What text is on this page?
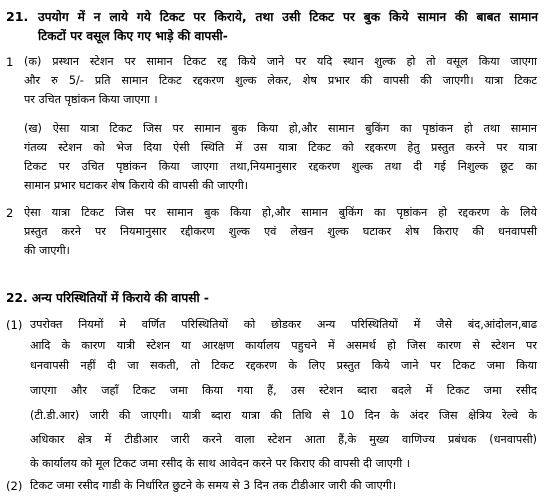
21. उपयोग में न लाये गये टिकट पर किराये, तथा उसी टिकट पर बुक किये सामान की बाबत सामान
टिकटों पर वसूल किए गए भाड़े की वापसी-
1 (क) प्रस्थान स्टेशन पर सामान टिकट रद्द किये जाने पर यदि स्थान शुल्क हो तो वसूल किया जाएगा
और रु 5/- प्रति सामान टिकट रद्दकरण शुल्क लेकर, शेष प्रभार की वापसी की जाएगी। यात्रा टिकट
पर उचित पृष्ठांकन किया जाएगा ।
(ख) ऐसा यात्रा टिकट जिस पर सामान बुक किया हो,और सामान बुकिंग का पृष्ठांकन हो तथा सामान
गंतव्य स्टेशन को भेज दिया ऐसी स्थिति में उस यात्रा टिकट को रद्दकरण हेतु प्रस्तुत करने पर यात्रा
टिकट पर उचित पृष्ठांकन किया जाएगा तथा,नियमानुसार रद्दकरण शुल्क तथा दी गई निशुल्क छूट का
सामान प्रभार घटाकर शेष किराये की वापसी की जाएगी।
2 ऐसा यात्रा टिकट जिस पर सामान बुक किया हो,और सामान बुकिंग का पृष्ठांकन हो रद्दकरण के लिये
प्रस्तुत करने पर नियमानुसार रद्दीकरण शुल्क एवं लेखन शुल्क घटाकर शेष किराए की धनवापसी
की जाएगी।
22. अन्य परिस्थितियों में किराये की वापसी -
(1) उपरोक्त नियमों मे वर्णित परिस्थितियों को छोडकर अन्य परिस्थितियों में जैसे बंद,आंदोलन,बाढ
आदि के कारण यात्री स्टेशन या आरक्षण कार्यालय पहुचने में असमर्थ हो जिस कारण से स्टेशन पर
धनवापसी नहीं दी जा सकती, तो टिकट रद्दकरण के लिए प्रस्तुत किये जाने पर टिकट जमा किया
जाएगा और जहाँ टिकट जमा किया गया हैं, उस स्टेशन ब्दारा बदले में टिकट जमा रसीद
(टी.डी.आर) जारी की जाएगी। यात्री ब्दारा यात्रा की तिथि से 10 दिन के अंदर जिस क्षेत्रिय रेल्वे के
अधिकार क्षेत्र में टीडीआर जारी करने वाला स्टेशन आता हैं,के मुख्य वाणिज्य प्रबंधक (धनवापसी)
के कार्यालय को मूल टिकट जमा रसीद के साथ आवेदन करने पर किराए की वापसी दी जाएगी ।
(2) टिकट जमा रसीद गाडी के निर्धारित छुटने के समय से 3 दिन तक टीडीआर जारी की जाएगी।
